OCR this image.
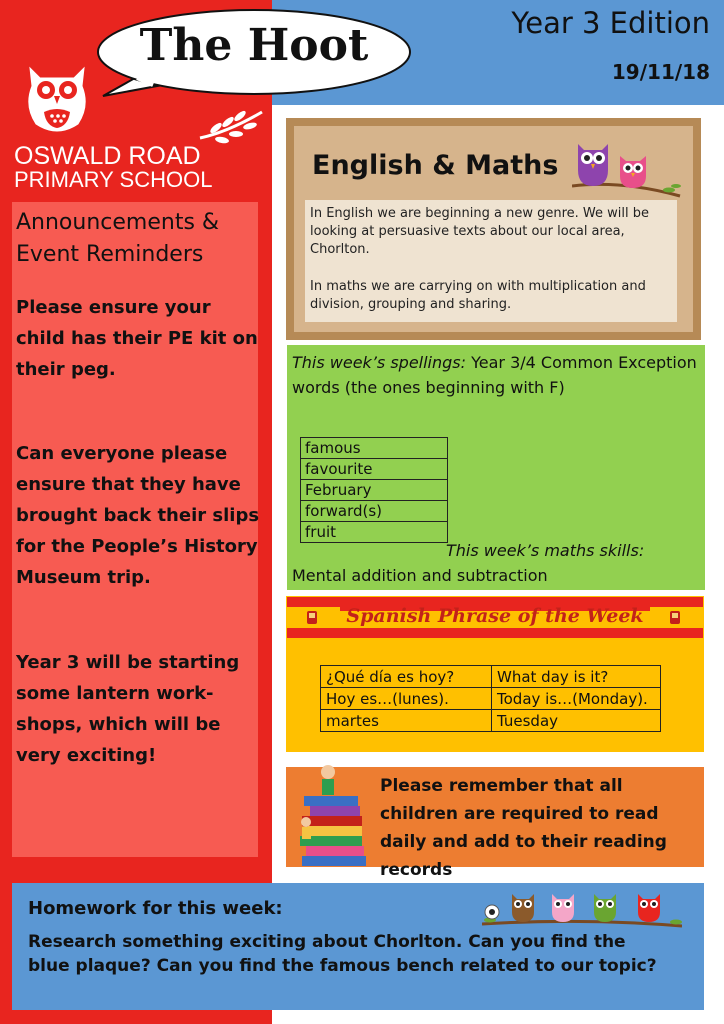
The Hoot	Year 3 Edition
19/11/18
OSWALD ROAD
PRIMARY SCHOOL
Announcements & Event Reminders
Please ensure your child has their PE kit on their peg.
Can everyone please ensure that they have brought back their slips for the People’s History Museum trip.
Year 3 will be starting some lantern work-shops, which will be very exciting!
English & Maths
In English we are beginning a new genre. We will be looking at persuasive texts about our local area, Chorlton.
In maths we are carrying on with multiplication and division, grouping and sharing.
This week’s spellings: Year 3/4 Common Exception words (the ones beginning with F)
famous
favourite
February
forward(s)
fruit
This week’s maths skills: Mental addition and subtraction
Spanish Phrase of the Week
¿Qué día es hoy?	What day is it?
Hoy es…(lunes).	Today is…(Monday).
martes	Tuesday
Please remember that all children are required to read daily and add to their reading records
Homework for this week:
Research something exciting about Chorlton. Can you find the blue plaque? Can you find the famous bench related to our topic?
